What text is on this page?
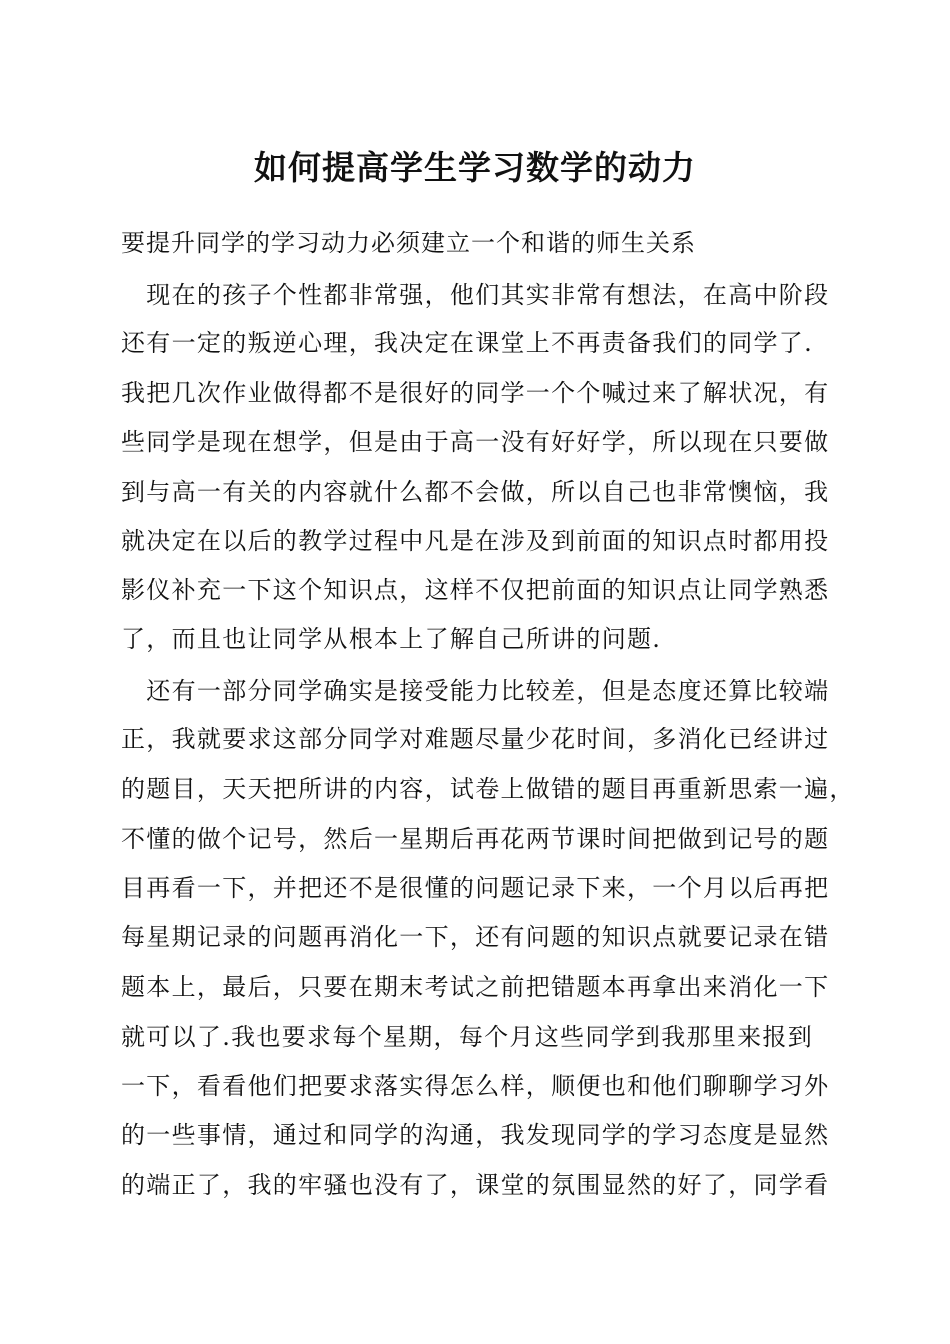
如何提高学生学习数学的动力
要提升同学的学习动力必须建立一个和谐的师生关系
　现在的孩子个性都非常强，他们其实非常有想法，在高中阶段
还有一定的叛逆心理，我决定在课堂上不再责备我们的同学了.
我把几次作业做得都不是很好的同学一个个喊过来了解状况，有
些同学是现在想学，但是由于高一没有好好学，所以现在只要做
到与高一有关的内容就什么都不会做，所以自己也非常懊恼，我
就决定在以后的教学过程中凡是在涉及到前面的知识点时都用投
影仪补充一下这个知识点，这样不仅把前面的知识点让同学熟悉
了，而且也让同学从根本上了解自己所讲的问题.
　还有一部分同学确实是接受能力比较差，但是态度还算比较端
正，我就要求这部分同学对难题尽量少花时间，多消化已经讲过
的题目，天天把所讲的内容，试卷上做错的题目再重新思索一遍，
不懂的做个记号，然后一星期后再花两节课时间把做到记号的题
目再看一下，并把还不是很懂的问题记录下来，一个月以后再把
每星期记录的问题再消化一下，还有问题的知识点就要记录在错
题本上，最后，只要在期末考试之前把错题本再拿出来消化一下
就可以了.我也要求每个星期，每个月这些同学到我那里来报到
一下，看看他们把要求落实得怎么样，顺便也和他们聊聊学习外
的一些事情，通过和同学的沟通，我发现同学的学习态度是显然
的端正了，我的牢骚也没有了，课堂的氛围显然的好了，同学看
